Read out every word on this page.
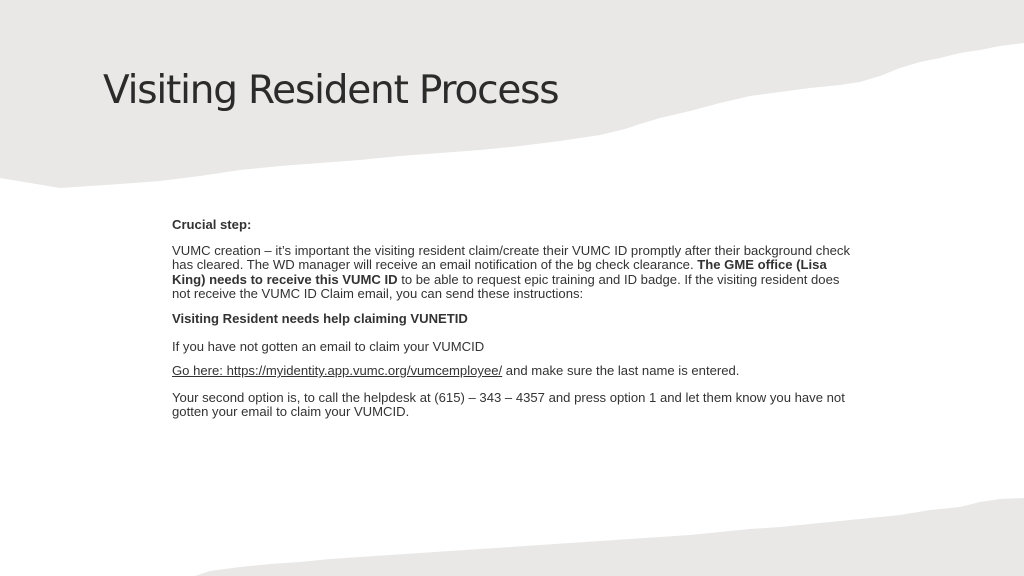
Visiting Resident Process

Crucial step:

VUMC creation – it’s important the visiting resident claim/create their VUMC ID promptly after their background check has cleared. The WD manager will receive an email notification of the bg check clearance. The GME office (Lisa King) needs to receive this VUMC ID to be able to request epic training and ID badge. If the visiting resident does not receive the VUMC ID Claim email, you can send these instructions:

Visiting Resident needs help claiming VUNETID

If you have not gotten an email to claim your VUMCID

Go here: https://myidentity.app.vumc.org/vumcemployee/ and make sure the last name is entered.

Your second option is, to call the helpdesk at (615) – 343 – 4357 and press option 1 and let them know you have not gotten your email to claim your VUMCID.
